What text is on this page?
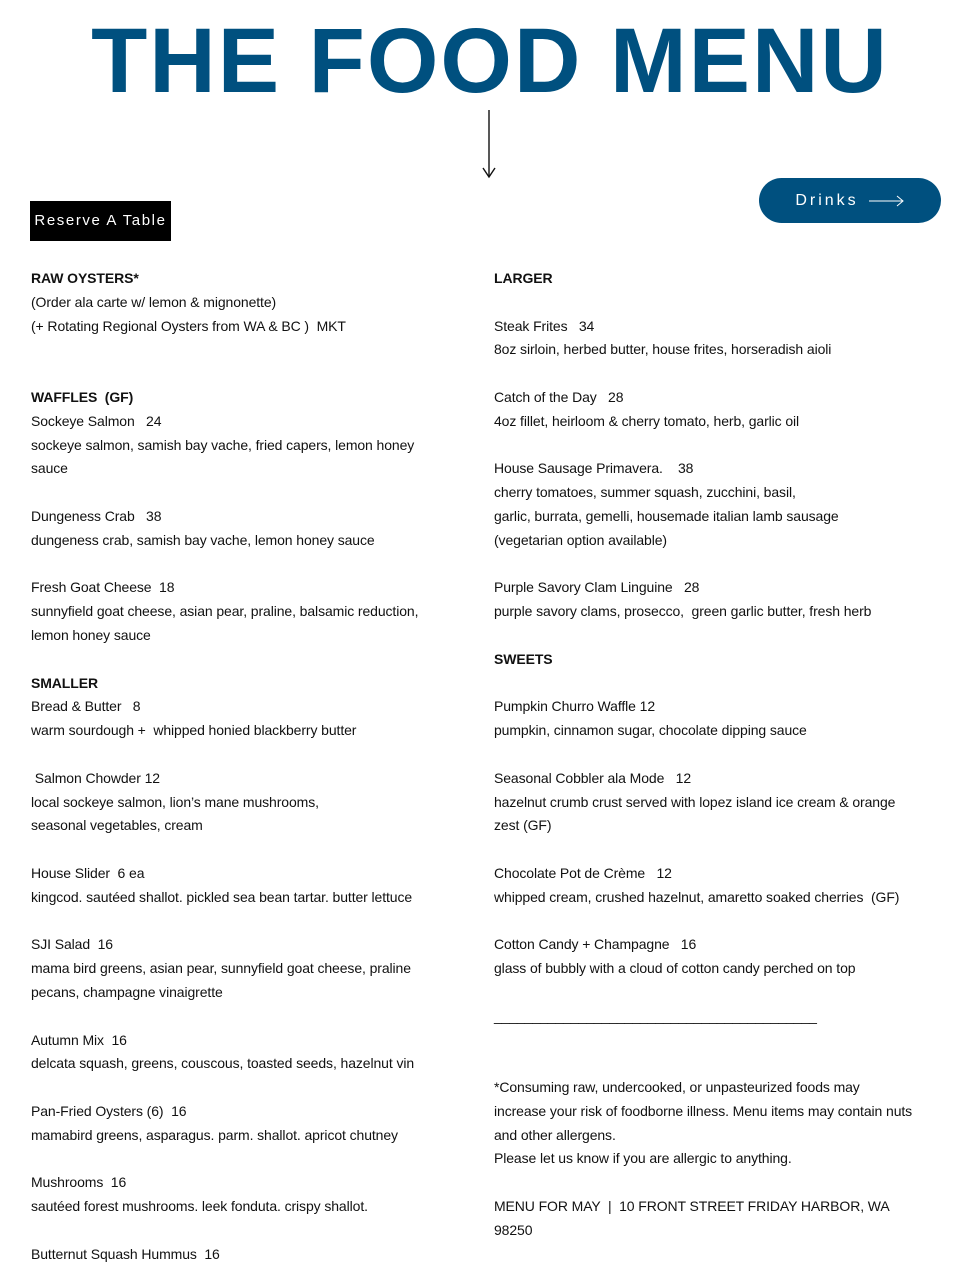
THE FOOD MENU
Reserve A Table
Drinks
RAW OYSTERS*
(Order ala carte w/ lemon & mignonette)
(+ Rotating Regional Oysters from WA & BC )  MKT
WAFFLES  (GF)
Sockeye Salmon   24
sockeye salmon, samish bay vache, fried capers, lemon honey sauce
Dungeness Crab   38
dungeness crab, samish bay vache, lemon honey sauce
Fresh Goat Cheese  18
sunnyfield goat cheese, asian pear, praline, balsamic reduction, lemon honey sauce
SMALLER
Bread & Butter   8
warm sourdough +  whipped honied blackberry butter
Salmon Chowder 12
local sockeye salmon, lion’s mane mushrooms,
seasonal vegetables, cream
House Slider  6 ea
kingcod. sautéed shallot. pickled sea bean tartar. butter lettuce
SJI Salad  16
mama bird greens, asian pear, sunnyfield goat cheese, praline pecans, champagne vinaigrette
Autumn Mix  16
delcata squash, greens, couscous, toasted seeds, hazelnut vin
Pan-Fried Oysters (6)  16
mamabird greens, asparagus. parm. shallot. apricot chutney
Mushrooms  16
sautéed forest mushrooms. leek fonduta. crispy shallot.
Butternut Squash Hummus  16
LARGER
Steak Frites   34
8oz sirloin, herbed butter, house frites, horseradish aioli
Catch of the Day   28
4oz fillet, heirloom & cherry tomato, herb, garlic oil
House Sausage Primavera.    38
cherry tomatoes, summer squash, zucchini, basil,
garlic, burrata, gemelli, housemade italian lamb sausage
(vegetarian option available)
Purple Savory Clam Linguine   28
purple savory clams, prosecco,  green garlic butter, fresh herb
SWEETS
Pumpkin Churro Waffle 12
pumpkin, cinnamon sugar, chocolate dipping sauce
Seasonal Cobbler ala Mode   12
hazelnut crumb crust served with lopez island ice cream & orange zest (GF)
Chocolate Pot de Crème   12
whipped cream, crushed hazelnut, amaretto soaked cherries  (GF)
Cotton Candy + Champagne   16
glass of bubbly with a cloud of cotton candy perched on top
__________________________________________
*Consuming raw, undercooked, or unpasteurized foods may increase your risk of foodborne illness. Menu items may contain nuts and other allergens.
Please let us know if you are allergic to anything.
MENU FOR MAY  |  10 FRONT STREET FRIDAY HARBOR, WA 98250
